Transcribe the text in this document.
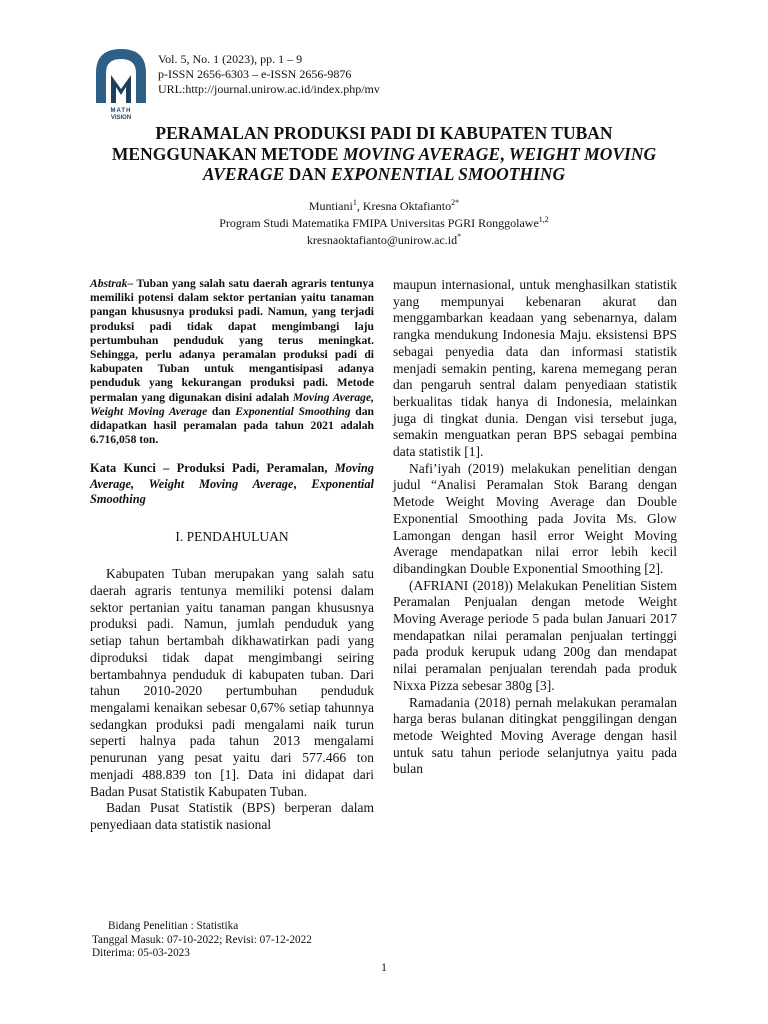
MATH
VISION
Vol. 5, No. 1 (2023), pp. 1 – 9
p-ISSN 2656-6303 – e-ISSN 2656-9876
URL:http://journal.unirow.ac.id/index.php/mv
PERAMALAN PRODUKSI PADI DI KABUPATEN TUBAN
MENGGUNAKAN METODE MOVING AVERAGE, WEIGHT MOVING
AVERAGE DAN EXPONENTIAL SMOOTHING
Muntiani$^1$, Kresna Oktafianto$^{2*}$
Program Studi Matematika FMIPA Universitas PGRI Ronggolawe$^{1,2}$
kresnaoktafianto@unirow.ac.id*

Abstrak– Tuban yang salah satu daerah agraris tentunya memiliki potensi dalam sektor pertanian yaitu tanaman pangan khususnya produksi padi. Namun, yang terjadi produksi padi tidak dapat mengimbangi laju pertumbuhan penduduk yang terus meningkat. Sehingga, perlu adanya peramalan produksi padi di kabupaten Tuban untuk mengantisipasi adanya penduduk yang kekurangan produksi padi. Metode permalan yang digunakan disini adalah Moving Average, Weight Moving Average dan Exponential Smoothing dan didapatkan hasil peramalan pada tahun 2021 adalah 6.716,058 ton.

Kata Kunci – Produksi Padi, Peramalan, Moving Average, Weight Moving Average, Exponential Smoothing

I. PENDAHULUAN

Kabupaten Tuban merupakan yang salah satu daerah agraris tentunya memiliki potensi dalam sektor pertanian yaitu tanaman pangan khususnya produksi padi. Namun, jumlah penduduk yang setiap tahun bertambah dikhawatirkan padi yang diproduksi tidak dapat mengimbangi seiring bertambahnya penduduk di kabupaten tuban. Dari tahun 2010-2020 pertumbuhan penduduk mengalami kenaikan sebesar 0,67% setiap tahunnya sedangkan produksi padi mengalami naik turun seperti halnya pada tahun 2013 mengalami penurunan yang pesat yaitu dari 577.466 ton menjadi 488.839 ton [1]. Data ini didapat dari Badan Pusat Statistik Kabupaten Tuban.

Badan Pusat Statistik (BPS) berperan dalam penyediaan data statistik nasional

maupun internasional, untuk menghasilkan statistik yang mempunyai kebenaran akurat dan menggambarkan keadaan yang sebenarnya, dalam rangka mendukung Indonesia Maju. eksistensi BPS sebagai penyedia data dan informasi statistik menjadi semakin penting, karena memegang peran dan pengaruh sentral dalam penyediaan statistik berkualitas tidak hanya di Indonesia, melainkan juga di tingkat dunia. Dengan visi tersebut juga, semakin menguatkan peran BPS sebagai pembina data statistik [1].

Nafi’iyah (2019) melakukan penelitian dengan judul “Analisi Peramalan Stok Barang dengan Metode Weight Moving Average dan Double Exponential Smoothing pada Jovita Ms. Glow Lamongan dengan hasil error Weight Moving Average mendapatkan nilai error lebih kecil dibandingkan Double Exponential Smoothing [2].

(AFRIANI (2018)) Melakukan Penelitian Sistem Peramalan Penjualan dengan metode Weight Moving Average periode 5 pada bulan Januari 2017 mendapatkan nilai peramalan penjualan tertinggi pada produk kerupuk udang 200g dan mendapat nilai peramalan penjualan terendah pada produk Nixxa Pizza sebesar 380g [3].

Ramadania (2018) pernah melakukan peramalan harga beras bulanan ditingkat penggilingan dengan metode Weighted Moving Average dengan hasil untuk satu tahun periode selanjutnya yaitu pada bulan

Bidang Penelitian : Statistika
Tanggal Masuk: 07-10-2022; Revisi: 07-12-2022
Diterima: 05-03-2023
1
